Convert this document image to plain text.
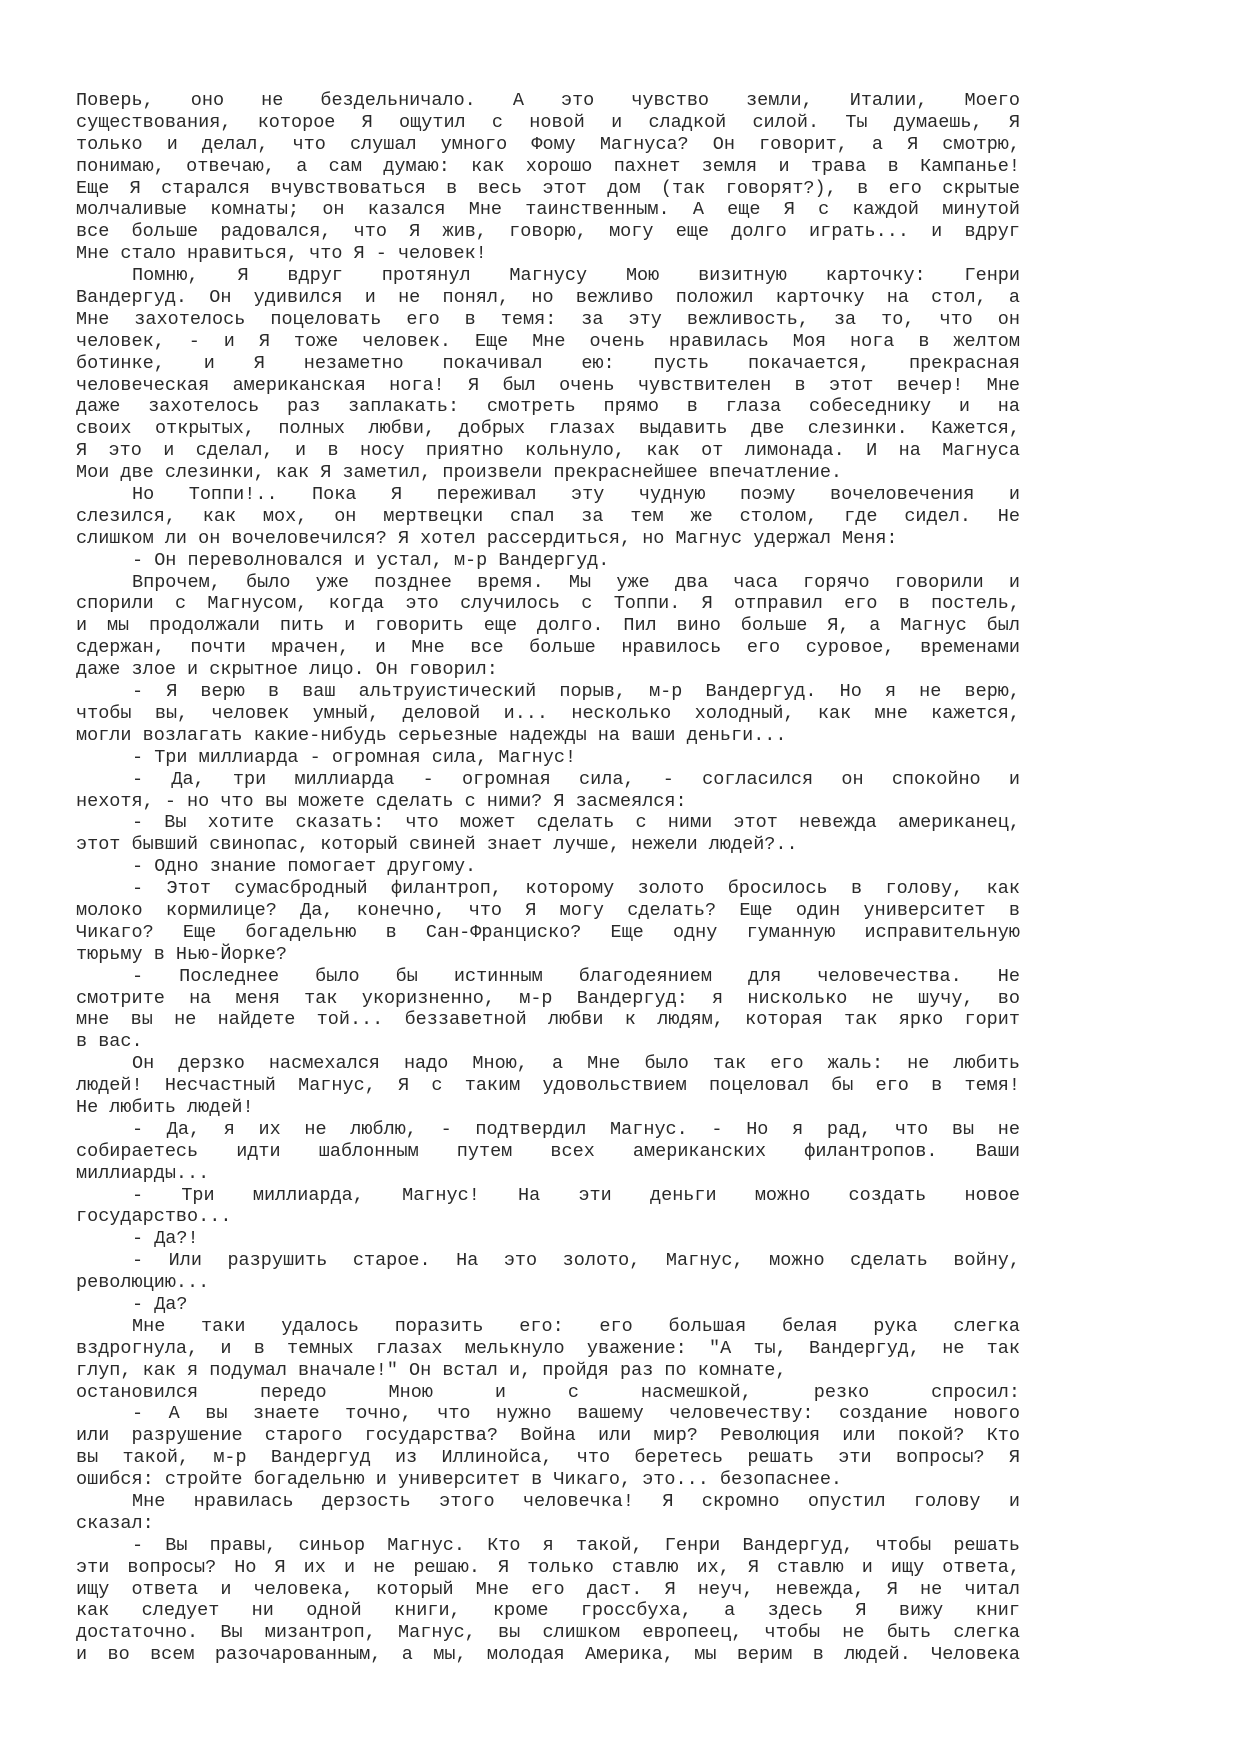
Поверь, оно не бездельничало. А это чувство земли, Италии, Моего
существования, которое Я ощутил с новой и сладкой силой. Ты думаешь, Я
только и делал, что слушал умного Фому Магнуса? Он говорит, а Я смотрю,
понимаю, отвечаю, а сам думаю: как хорошо пахнет земля и трава в Кампанье!
Еще Я старался вчувствоваться в весь этот дом (так говорят?), в его скрытые
молчаливые комнаты; он казался Мне таинственным. А еще Я с каждой минутой
все больше радовался, что Я жив, говорю, могу еще долго играть... и вдруг
Мне стало нравиться, что Я - человек!
Помню, Я вдруг протянул Магнусу Мою визитную карточку: Генри
Вандергуд. Он удивился и не понял, но вежливо положил карточку на стол, а
Мне захотелось поцеловать его в темя: за эту вежливость, за то, что он
человек, - и Я тоже человек. Еще Мне очень нравилась Моя нога в желтом
ботинке, и Я незаметно покачивал ею: пусть покачается, прекрасная
человеческая американская нога! Я был очень чувствителен в этот вечер! Мне
даже захотелось раз заплакать: смотреть прямо в глаза собеседнику и на
своих открытых, полных любви, добрых глазах выдавить две слезинки. Кажется,
Я это и сделал, и в носу приятно кольнуло, как от лимонада. И на Магнуса
Мои две слезинки, как Я заметил, произвели прекраснейшее впечатление.
Но Топпи!.. Пока Я переживал эту чудную поэму вочеловечения и
слезился, как мох, он мертвецки спал за тем же столом, где сидел. Не
слишком ли он вочеловечился? Я хотел рассердиться, но Магнус удержал Меня:
- Он переволновался и устал, м-р Вандергуд.
Впрочем, было уже позднее время. Мы уже два часа горячо говорили и
спорили с Магнусом, когда это случилось с Топпи. Я отправил его в постель,
и мы продолжали пить и говорить еще долго. Пил вино больше Я, а Магнус был
сдержан, почти мрачен, и Мне все больше нравилось его суровое, временами
даже злое и скрытное лицо. Он говорил:
- Я верю в ваш альтруистический порыв, м-р Вандергуд. Но я не верю,
чтобы вы, человек умный, деловой и... несколько холодный, как мне кажется,
могли возлагать какие-нибудь серьезные надежды на ваши деньги...
- Три миллиарда - огромная сила, Магнус!
- Да, три миллиарда - огромная сила, - согласился он спокойно и
нехотя, - но что вы можете сделать с ними? Я засмеялся:
- Вы хотите сказать: что может сделать с ними этот невежда американец,
этот бывший свинопас, который свиней знает лучше, нежели людей?..
- Одно знание помогает другому.
- Этот сумасбродный филантроп, которому золото бросилось в голову, как
молоко кормилице? Да, конечно, что Я могу сделать? Еще один университет в
Чикаго? Еще богадельню в Сан-Франциско? Еще одну гуманную исправительную
тюрьму в Нью-Йорке?
- Последнее было бы истинным благодеянием для человечества. Не
смотрите на меня так укоризненно, м-р Вандергуд: я нисколько не шучу, во
мне вы не найдете той... беззаветной любви к людям, которая так ярко горит
в вас.
Он дерзко насмехался надо Мною, а Мне было так его жаль: не любить
людей! Несчастный Магнус, Я с таким удовольствием поцеловал бы его в темя!
Не любить людей!
- Да, я их не люблю, - подтвердил Магнус. - Но я рад, что вы не
собираетесь идти шаблонным путем всех американских филантропов. Ваши
миллиарды...
- Три миллиарда, Магнус! На эти деньги можно создать новое
государство...
- Да?!
- Или разрушить старое. На это золото, Магнус, можно сделать войну,
революцию...
- Да?
Мне таки удалось поразить его: его большая белая рука слегка
вздрогнула, и в темных глазах мелькнуло уважение: "А ты, Вандергуд, не так
глуп, как я подумал вначале!" Он встал и, пройдя раз по комнате,
остановился передо Мною и с насмешкой, резко спросил:
- А вы знаете точно, что нужно вашему человечеству: создание нового
или разрушение старого государства? Война или мир? Революция или покой? Кто
вы такой, м-р Вандергуд из Иллинойса, что беретесь решать эти вопросы? Я
ошибся: стройте богадельню и университет в Чикаго, это... безопаснее.
Мне нравилась дерзость этого человечка! Я скромно опустил голову и
сказал:
- Вы правы, синьор Магнус. Кто я такой, Генри Вандергуд, чтобы решать
эти вопросы? Но Я их и не решаю. Я только ставлю их, Я ставлю и ищу ответа,
ищу ответа и человека, который Мне его даст. Я неуч, невежда, Я не читал
как следует ни одной книги, кроме гроссбуха, а здесь Я вижу книг
достаточно. Вы мизантроп, Магнус, вы слишком европеец, чтобы не быть слегка
и во всем разочарованным, а мы, молодая Америка, мы верим в людей. Человека
